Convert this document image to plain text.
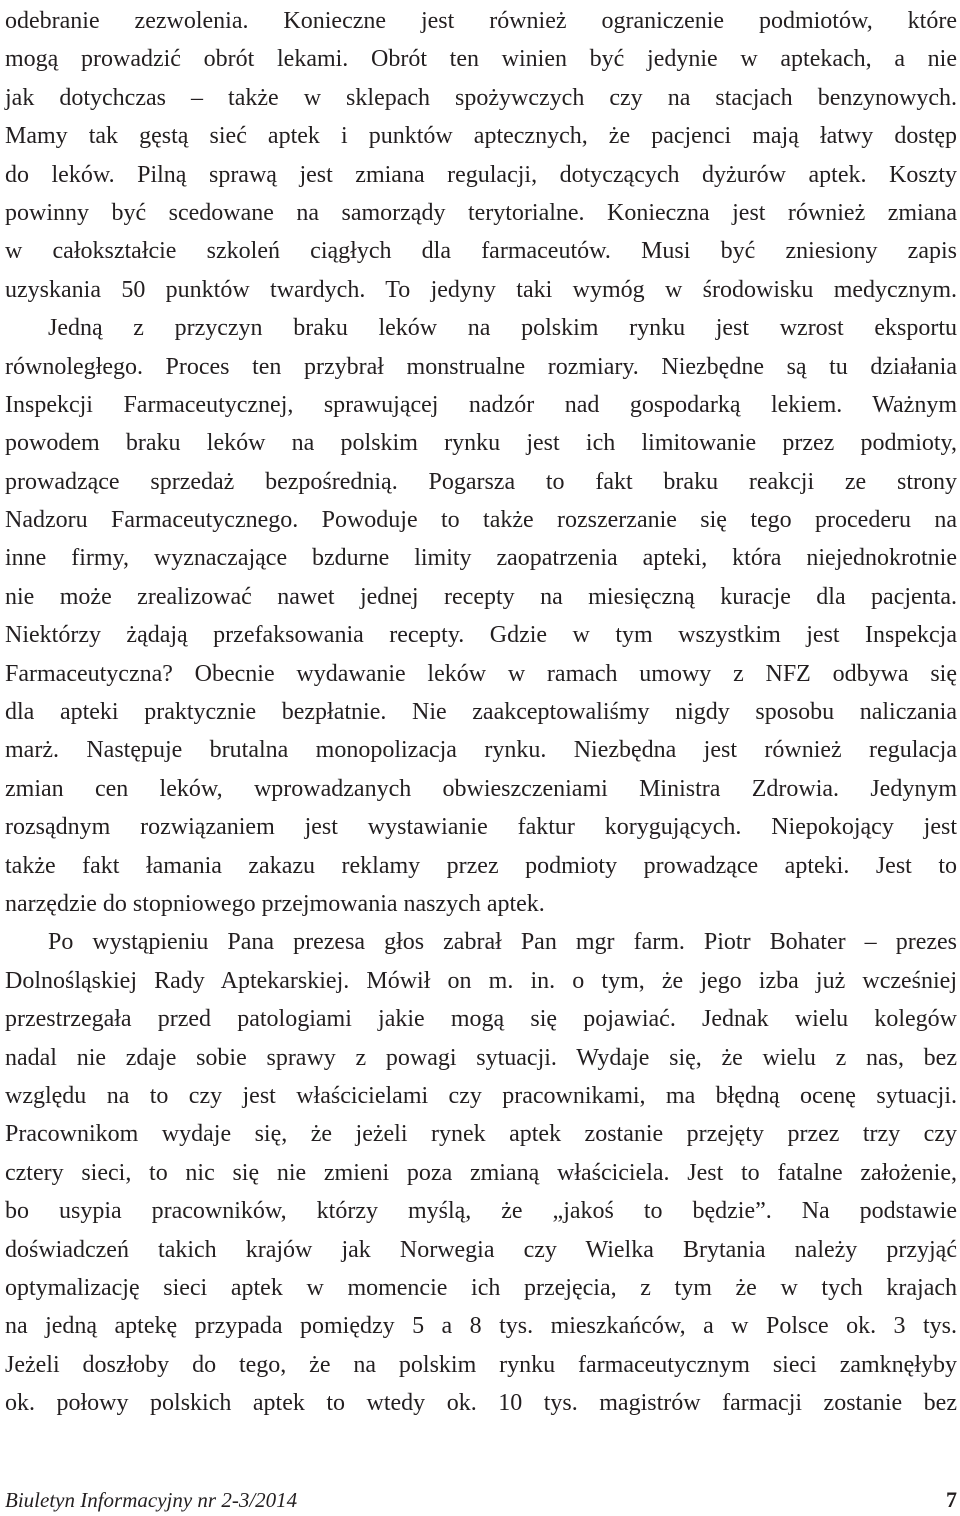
odebranie zezwolenia. Konieczne jest również ograniczenie podmiotów, które
mogą prowadzić obrót lekami. Obrót ten winien być jedynie w aptekach, a nie
jak dotychczas – także w sklepach spożywczych czy na stacjach benzynowych.
Mamy tak gęstą sieć aptek i punktów aptecznych, że pacjenci mają łatwy dostęp
do leków. Pilną sprawą jest zmiana regulacji, dotyczących dyżurów aptek. Koszty
powinny być scedowane na samorządy terytorialne. Konieczna jest również zmiana
w całokształcie szkoleń ciągłych dla farmaceutów. Musi być zniesiony zapis
uzyskania 50 punktów twardych. To jedyny taki wymóg w środowisku medycznym.
Jedną z przyczyn braku leków na polskim rynku jest wzrost eksportu
równoległego. Proces ten przybrał monstrualne rozmiary. Niezbędne są tu działania
Inspekcji Farmaceutycznej, sprawującej nadzór nad gospodarką lekiem. Ważnym
powodem braku leków na polskim rynku jest ich limitowanie przez podmioty,
prowadzące sprzedaż bezpośrednią. Pogarsza to fakt braku reakcji ze strony
Nadzoru Farmaceutycznego. Powoduje to także rozszerzanie się tego procederu na
inne firmy, wyznaczające bzdurne limity zaopatrzenia apteki, która niejednokrotnie
nie może zrealizować nawet jednej recepty na miesięczną kuracje dla pacjenta.
Niektórzy żądają przefaksowania recepty. Gdzie w tym wszystkim jest Inspekcja
Farmaceutyczna? Obecnie wydawanie leków w ramach umowy z NFZ odbywa się
dla apteki praktycznie bezpłatnie. Nie zaakceptowaliśmy nigdy sposobu naliczania
marż. Następuje brutalna monopolizacja rynku. Niezbędna jest również regulacja
zmian cen leków, wprowadzanych obwieszczeniami Ministra Zdrowia. Jedynym
rozsądnym rozwiązaniem jest wystawianie faktur korygujących. Niepokojący jest
także fakt łamania zakazu reklamy przez podmioty prowadzące apteki. Jest to
narzędzie do stopniowego przejmowania naszych aptek.
Po wystąpieniu Pana prezesa głos zabrał Pan mgr farm. Piotr Bohater – prezes
Dolnośląskiej Rady Aptekarskiej. Mówił on m. in. o tym, że jego izba już wcześniej
przestrzegała przed patologiami jakie mogą się pojawiać. Jednak wielu kolegów
nadal nie zdaje sobie sprawy z powagi sytuacji. Wydaje się, że wielu z nas, bez
względu na to czy jest właścicielami czy pracownikami, ma błędną ocenę sytuacji.
Pracownikom wydaje się, że jeżeli rynek aptek zostanie przejęty przez trzy czy
cztery sieci, to nic się nie zmieni poza zmianą właściciela. Jest to fatalne założenie,
bo usypia pracowników, którzy myślą, że „jakoś to będzie”. Na podstawie
doświadczeń takich krajów jak Norwegia czy Wielka Brytania należy przyjąć
optymalizację sieci aptek w momencie ich przejęcia, z tym że w tych krajach
na jedną aptekę przypada pomiędzy 5 a 8 tys. mieszkańców, a w Polsce ok. 3 tys.
Jeżeli doszłoby do tego, że na polskim rynku farmaceutycznym sieci zamknęłyby
ok. połowy polskich aptek to wtedy ok. 10 tys. magistrów farmacji zostanie bez
Biuletyn Informacyjny nr 2-3/2014	7
